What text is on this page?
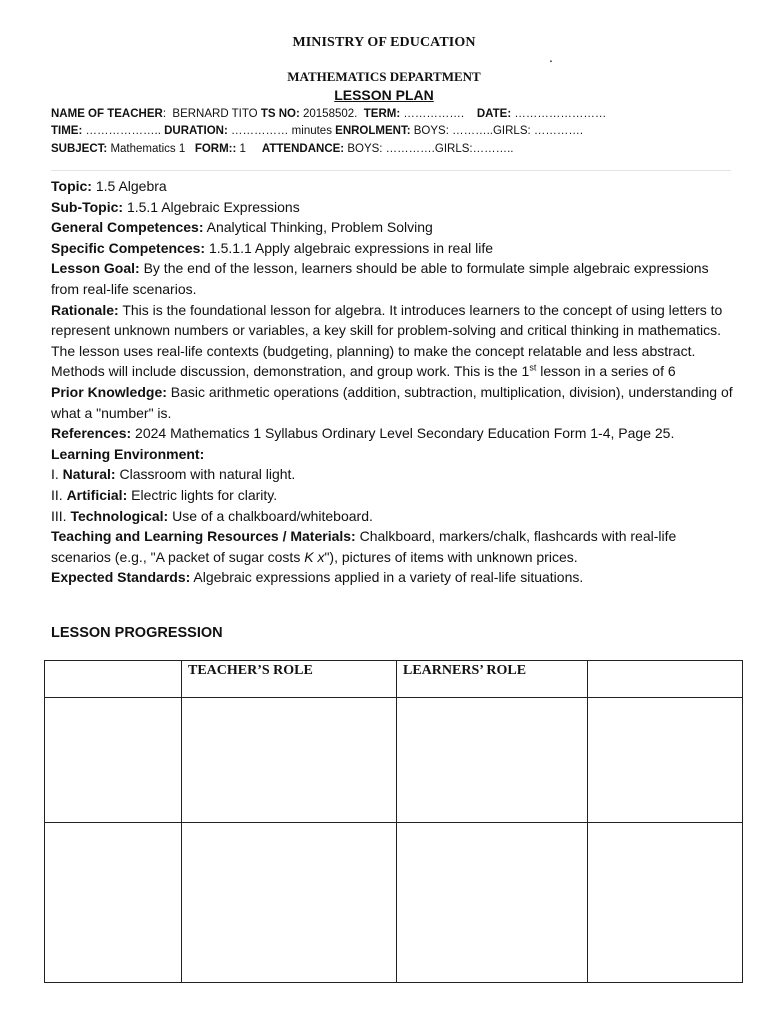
MINISTRY OF EDUCATION
.
MATHEMATICS DEPARTMENT
LESSON PLAN
NAME OF TEACHER:  BERNARD TITO TS NO: 20158502. TERM: ……………. DATE: ……………………
TIME: ……………….. DURATION: …………… minutes ENROLMENT: BOYS: ………..GIRLS: ………….
SUBJECT: Mathematics 1 FORM:: 1 ATTENDANCE: BOYS: ………….GIRLS:………..

Topic: 1.5 Algebra

Sub-Topic: 1.5.1 Algebraic Expressions

General Competences: Analytical Thinking, Problem Solving

Specific Competences: 1.5.1.1 Apply algebraic expressions in real life

Lesson Goal: By the end of the lesson, learners should be able to formulate simple algebraic expressions from real-life scenarios.

Rationale: This is the foundational lesson for algebra. It introduces learners to the concept of using letters to represent unknown numbers or variables, a key skill for problem-solving and critical thinking in mathematics. The lesson uses real-life contexts (budgeting, planning) to make the concept relatable and less abstract. Methods will include discussion, demonstration, and group work. This is the 1st lesson in a series of 6

Prior Knowledge: Basic arithmetic operations (addition, subtraction, multiplication, division), understanding of what a "number" is.

References: 2024 Mathematics 1 Syllabus Ordinary Level Secondary Education Form 1-4, Page 25.

Learning Environment:

I. Natural: Classroom with natural light.

II. Artificial: Electric lights for clarity.

III. Technological: Use of a chalkboard/whiteboard.

Teaching and Learning Resources / Materials: Chalkboard, markers/chalk, flashcards with real-life scenarios (e.g., "A packet of sugar costs K x"), pictures of items with unknown prices.

Expected Standards: Algebraic expressions applied in a variety of real-life situations.

LESSON PROGRESSION
	TEACHER’S ROLE	LEARNERS’ ROLE	
